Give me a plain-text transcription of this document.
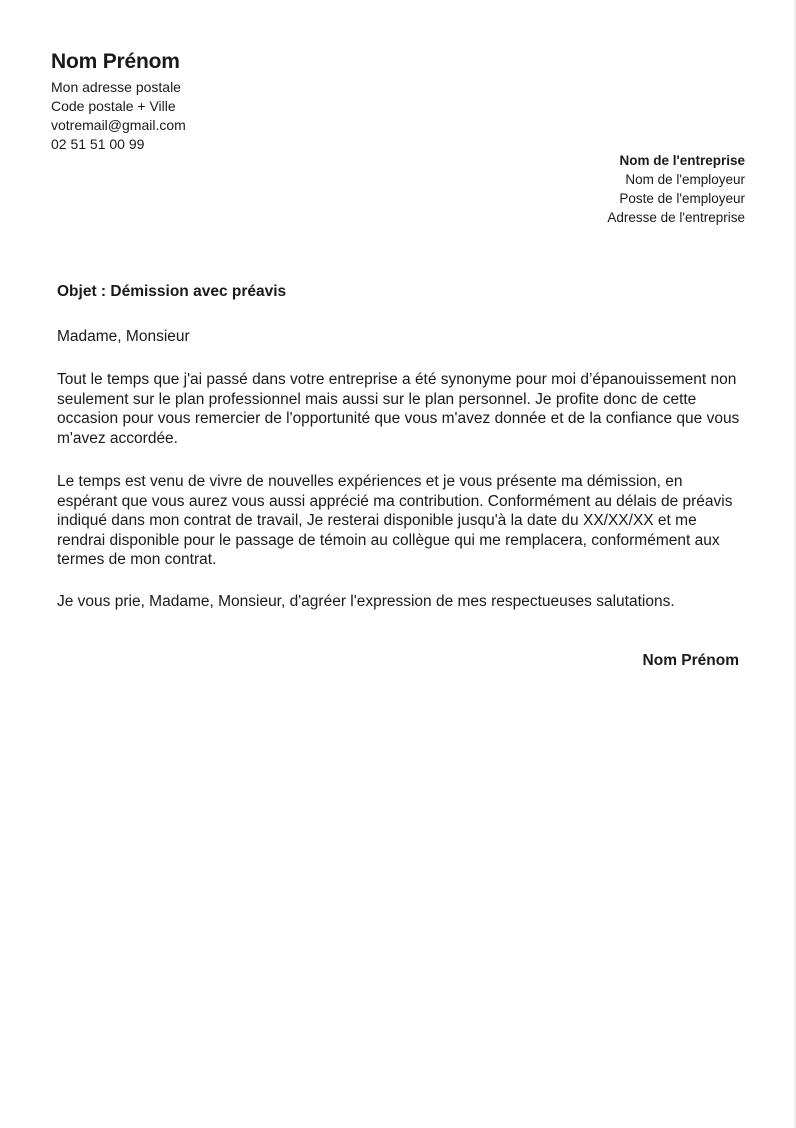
Nom Prénom
Mon adresse postale
Code postale + Ville
votremail@gmail.com
02 51 51 00 99
Nom de l'entreprise
Nom de l'employeur
Poste de l'employeur
Adresse de l'entreprise
Objet : Démission avec préavis
Madame, Monsieur
Tout le temps que j'ai passé dans votre entreprise a été synonyme pour moi d’épanouissement non seulement sur le plan professionnel mais aussi sur le plan personnel. Je profite donc de cette occasion pour vous remercier de l'opportunité que vous m'avez donnée et de la confiance que vous m'avez accordée.
Le temps est venu de vivre de nouvelles expériences et je vous présente ma démission, en espérant que vous aurez vous aussi apprécié ma contribution. Conformément au délais de préavis indiqué dans mon contrat de travail, Je resterai disponible jusqu'à la date du XX/XX/XX et me rendrai disponible pour le passage de témoin au collègue qui me remplacera, conformément aux termes de mon contrat.
Je vous prie, Madame, Monsieur, d'agréer l'expression de mes respectueuses salutations.
Nom Prénom
